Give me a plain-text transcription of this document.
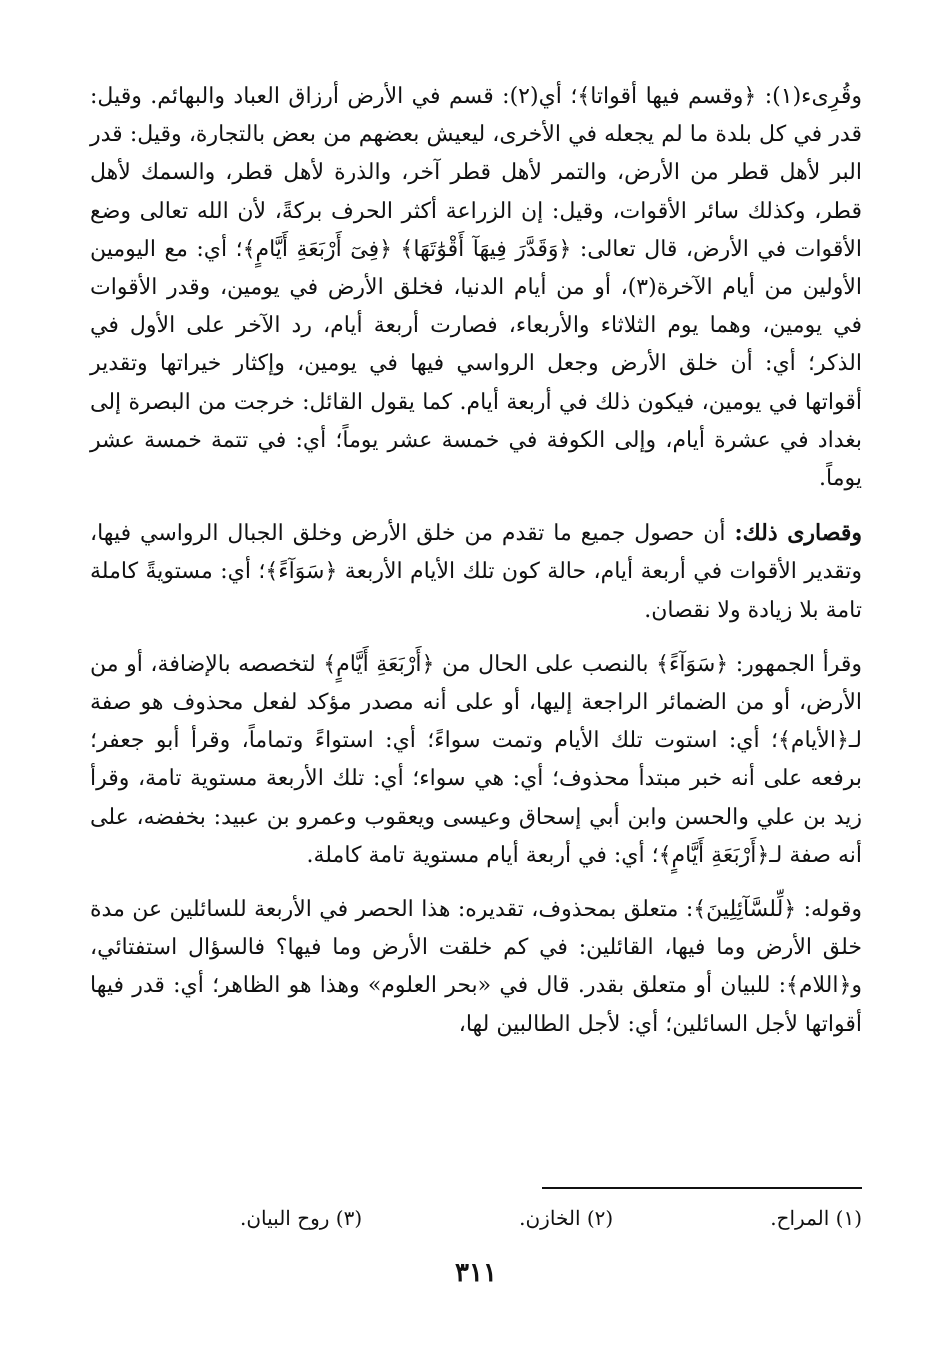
وقُرِىء(١): ﴿وقسم فيها أقواتا﴾؛ أي(٢): قسم في الأرض أرزاق العباد والبهائم. وقيل: قدر في كل بلدة ما لم يجعله في الأخرى، ليعيش بعضهم من بعض بالتجارة، وقيل: قدر البر لأهل قطر من الأرض، والتمر لأهل قطر آخر، والذرة لأهل قطر، والسمك لأهل قطر، وكذلك سائر الأقوات، وقيل: إن الزراعة أكثر الحرف بركةً، لأن الله تعالى وضع الأقوات في الأرض، قال تعالى: ﴿وَقَدَّرَ فِيهَآ أَقْوَٰتَهَا﴾ ﴿فِىٓ أَرْبَعَةِ أَيَّامٍ﴾؛ أي: مع اليومين الأولين من أيام الآخرة(٣)، أو من أيام الدنيا، فخلق الأرض في يومين، وقدر الأقوات في يومين، وهما يوم الثلاثاء والأربعاء، فصارت أربعة أيام، رد الآخر على الأول في الذكر؛ أي: أن خلق الأرض وجعل الرواسي فيها في يومين، وإكثار خيراتها وتقدير أقواتها في يومين، فيكون ذلك في أربعة أيام. كما يقول القائل: خرجت من البصرة إلى بغداد في عشرة أيام، وإلى الكوفة في خمسة عشر يوماً؛ أي: في تتمة خمسة عشر يوماً.

وقصارى ذلك: أن حصول جميع ما تقدم من خلق الأرض وخلق الجبال الرواسي فيها، وتقدير الأقوات في أربعة أيام، حالة كون تلك الأيام الأربعة ﴿سَوَآءً﴾؛ أي: مستويةً كاملة تامة بلا زيادة ولا نقصان.

وقرأ الجمهور: ﴿سَوَآءً﴾ بالنصب على الحال من ﴿أَرْبَعَةِ أَيَّامٍ﴾ لتخصصه بالإضافة، أو من الأرض، أو من الضمائر الراجعة إليها، أو على أنه مصدر مؤكد لفعل محذوف هو صفة لـ﴿الأيام﴾؛ أي: استوت تلك الأيام وتمت سواءً؛ أي: استواءً وتماماً، وقرأ أبو جعفر؛ برفعه على أنه خبر مبتدأ محذوف؛ أي: هي سواء؛ أي: تلك الأربعة مستوية تامة، وقرأ زيد بن علي والحسن وابن أبي إسحاق وعيسى ويعقوب وعمرو بن عبيد: بخفضه، على أنه صفة لـ﴿أَرْبَعَةِ أَيَّامٍ﴾؛ أي: في أربعة أيام مستوية تامة كاملة.

وقوله: ﴿لِّلسَّآئِلِينَ﴾: متعلق بمحذوف، تقديره: هذا الحصر في الأربعة للسائلين عن مدة خلق الأرض وما فيها، القائلين: في كم خلقت الأرض وما فيها؟ فالسؤال استفتائي، و﴿اللام﴾: للبيان أو متعلق بقدر. قال في «بحر العلوم» وهذا هو الظاهر؛ أي: قدر فيها أقواتها لأجل السائلين؛ أي: لأجل الطالبين لها،

(١) المراح.
(٢) الخازن.
(٣) روح البيان.
٣١١
